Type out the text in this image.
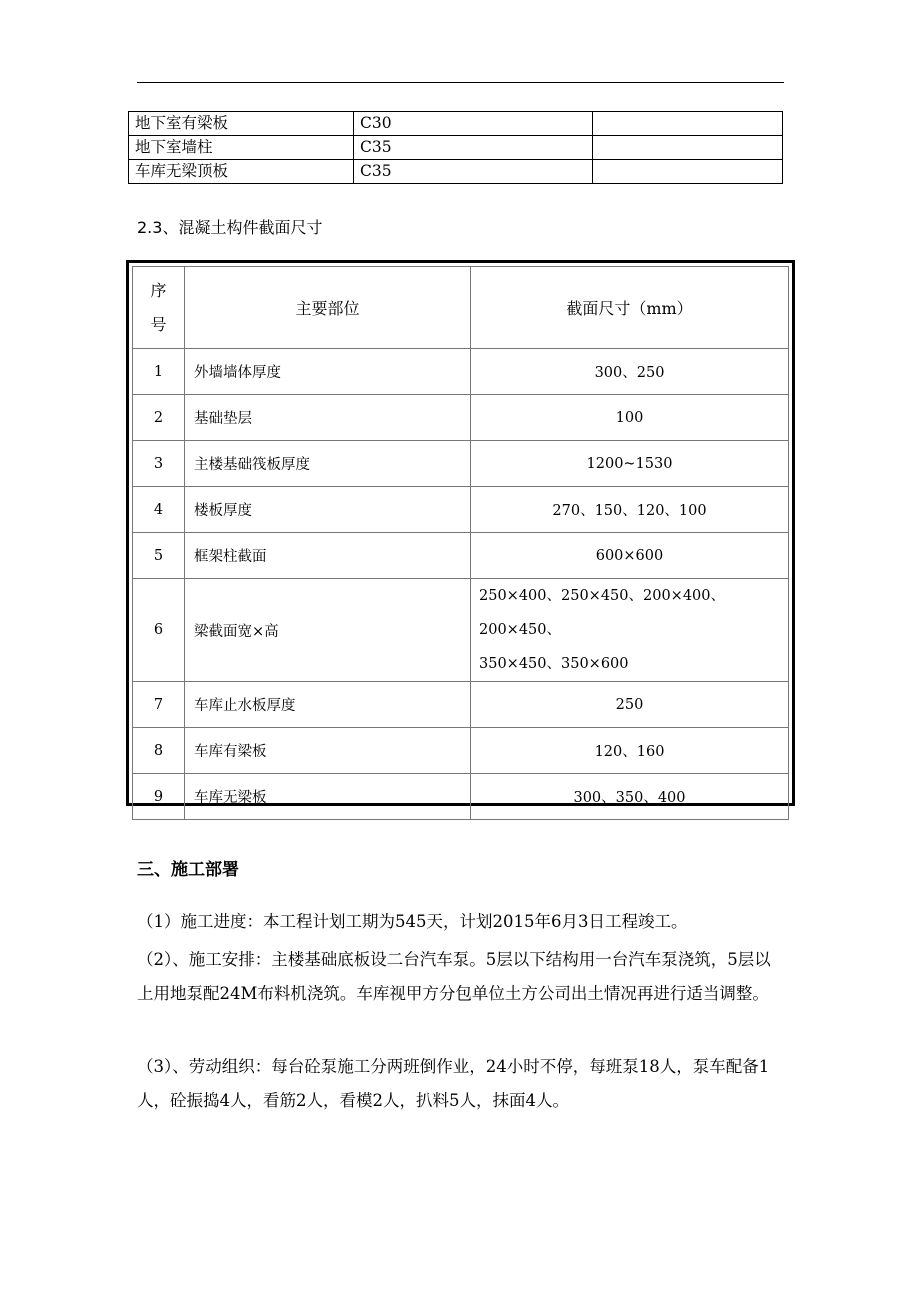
地下室有梁板	C30	
地下室墙柱	C35	
车库无梁顶板	C35	
2.3、混凝土构件截面尺寸
序
号	主要部位	截面尺寸（mm）
1	外墙墙体厚度	300、250
2	基础垫层	100
3	主楼基础筏板厚度	1200~1530
4	楼板厚度	270、150、120、100
5	框架柱截面	600×600
6	梁截面宽×高	250×400、250×450、200×400、200×450、
350×450、350×600

7	车库止水板厚度	250
8	车库有梁板	120、160
9	车库无梁板	300、350、400
三、施工部署
（1）施工进度：本工程计划工期为545天，计划2015年6月3日工程竣工。
（2）、施工安排：主楼基础底板设二台汽车泵。5层以下结构用一台汽车泵浇筑，5层以上用地泵配24M布料机浇筑。车库视甲方分包单位土方公司出土情况再进行适当调整。
（3）、劳动组织：每台砼泵施工分两班倒作业，24小时不停，每班泵18人，泵车配备1人，砼振捣4人，看筋2人，看模2人，扒料5人，抹面4人。
